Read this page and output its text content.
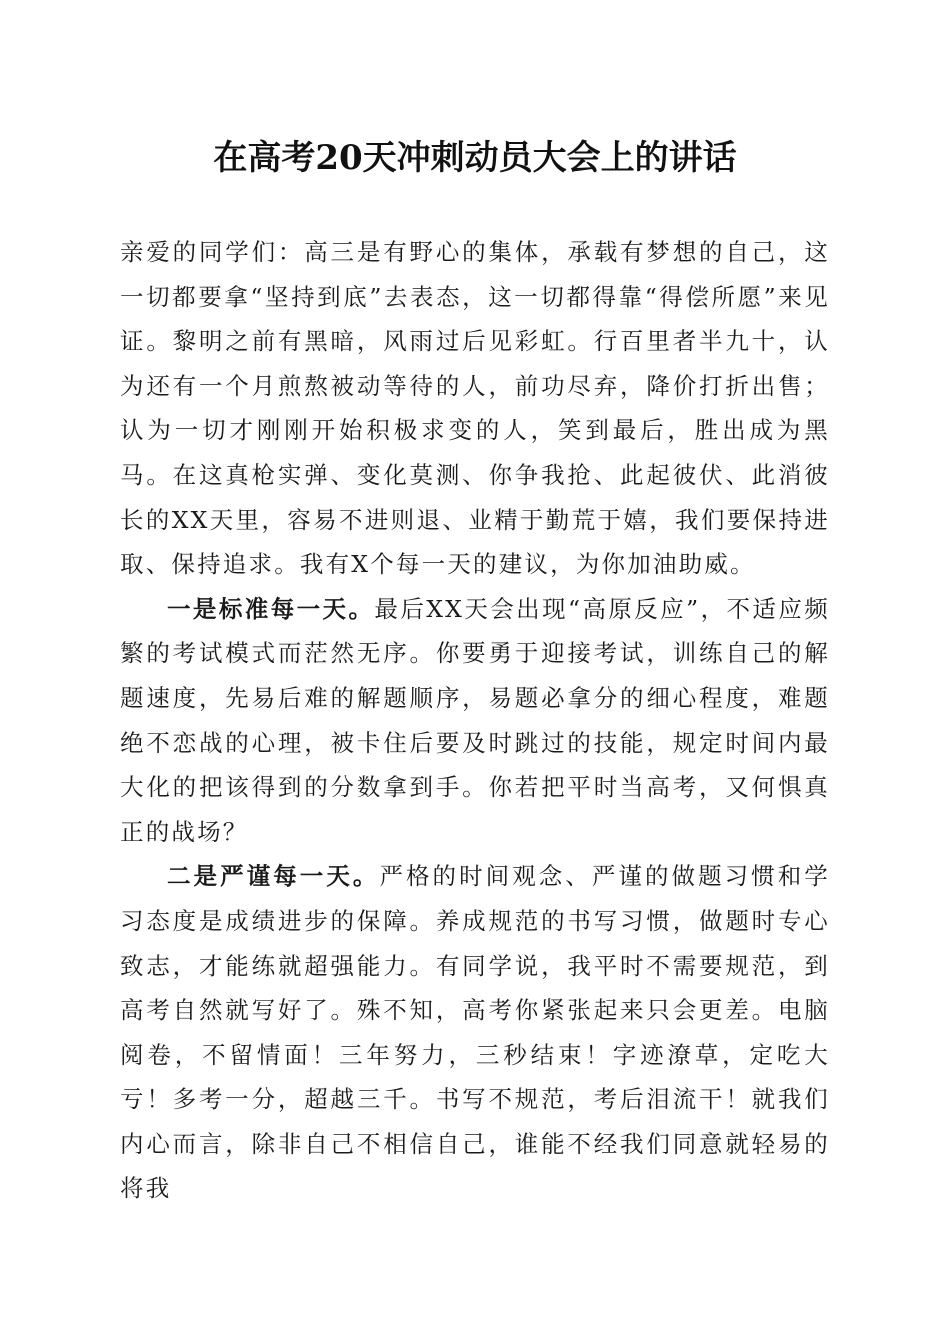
在高考20天冲刺动员大会上的讲话

亲爱的同学们：高三是有野心的集体，承载有梦想的自己，这一切都要拿“坚持到底”去表态，这一切都得靠“得偿所愿”来见证。黎明之前有黑暗，风雨过后见彩虹。行百里者半九十，认为还有一个月煎熬被动等待的人，前功尽弃，降价打折出售；认为一切才刚刚开始积极求变的人，笑到最后，胜出成为黑马。在这真枪实弹、变化莫测、你争我抢、此起彼伏、此消彼长的XX天里，容易不进则退、业精于勤荒于嬉，我们要保持进取、保持追求。我有X个每一天的建议，为你加油助威。

一是标准每一天。最后XX天会出现“高原反应”，不适应频繁的考试模式而茫然无序。你要勇于迎接考试，训练自己的解题速度，先易后难的解题顺序，易题必拿分的细心程度，难题绝不恋战的心理，被卡住后要及时跳过的技能，规定时间内最大化的把该得到的分数拿到手。你若把平时当高考，又何惧真正的战场？

二是严谨每一天。严格的时间观念、严谨的做题习惯和学习态度是成绩进步的保障。养成规范的书写习惯，做题时专心致志，才能练就超强能力。有同学说，我平时不需要规范，到高考自然就写好了。殊不知，高考你紧张起来只会更差。电脑阅卷，不留情面！三年努力，三秒结束！字迹潦草，定吃大亏！多考一分，超越三千。书写不规范，考后泪流干！就我们内心而言，除非自己不相信自己，谁能不经我们同意就轻易的将我
